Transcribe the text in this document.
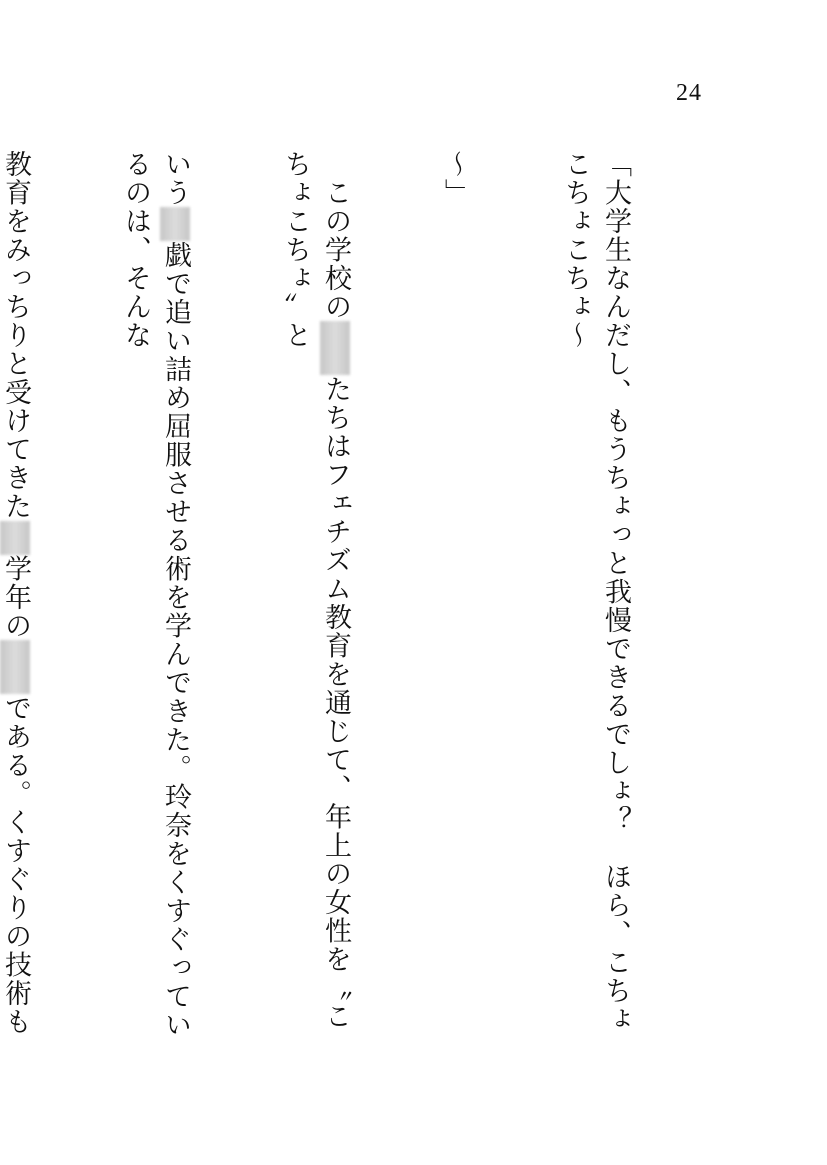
24

「大学生なんだし、もうちょっと我慢できるでしょ？　ほら、こちょこちょこちょ～

～」

　この学校のたちはフェチズム教育を通じて、年上の女性を〝こちょこちょ〟と

いう戯で追い詰め屈服させる術を学んできた。玲奈をくすぐっているのは、そんな

教育をみっちりと受けてきた学年のである。くすぐりの技術も
